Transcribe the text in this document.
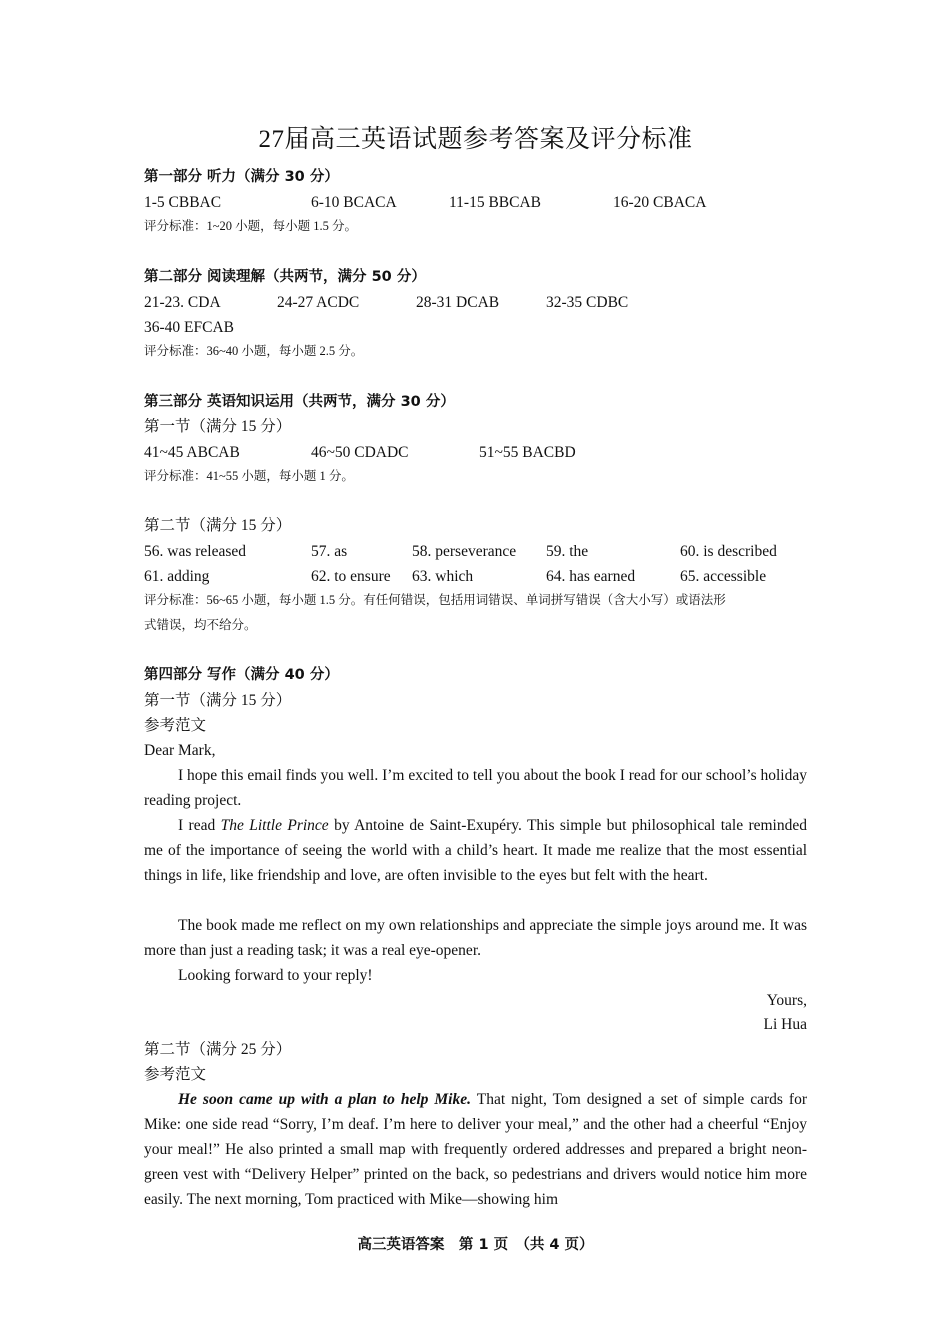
27届高三英语试题参考答案及评分标准
第一部分 听力（满分 30 分）
1-5 CBBAC	6-10 BCACA	11-15 BBCAB	16-20 CBACA
评分标准：1~20 小题，每小题 1.5 分。
第二部分 阅读理解（共两节，满分 50 分）
21-23. CDA	24-27 ACDC	28-31 DCAB	32-35 CDBC
36-40 EFCAB
评分标准：36~40 小题，每小题 2.5 分。
第三部分 英语知识运用（共两节，满分 30 分）
第一节（满分 15 分）
41~45 ABCAB	46~50 CDADC	51~55 BACBD
评分标准：41~55 小题，每小题 1 分。
第二节（满分 15 分）
56. was released	57. as	58. perseverance 59. the	60. is described
61. adding	62. to ensure 63. which	64. has earned	65. accessible
评分标准：56~65 小题，每小题 1.5 分。有任何错误，包括用词错误、单词拼写错误（含大小写）或语法形
式错误，均不给分。
第四部分 写作（满分 40 分）
第一节（满分 15 分）
参考范文
Dear Mark,
I hope this email finds you well. I’m excited to tell you about the book I read for our school’s holiday reading project.
I read The Little Prince by Antoine de Saint-Exupéry. This simple but philosophical tale reminded me of the importance of seeing the world with a child’s heart. It made me realize that the most essential things in life, like friendship and love, are often invisible to the eyes but felt with the heart.
The book made me reflect on my own relationships and appreciate the simple joys around me. It was more than just a reading task; it was a real eye-opener.
Looking forward to your reply!
Yours,
Li Hua
第二节（满分 25 分）
参考范文
He soon came up with a plan to help Mike. That night, Tom designed a set of simple cards for Mike: one side read “Sorry, I’m deaf. I’m here to deliver your meal,” and the other had a cheerful “Enjoy your meal!” He also printed a small map with frequently ordered addresses and prepared a bright neon-green vest with “Delivery Helper” printed on the back, so pedestrians and drivers would notice him more easily. The next morning, Tom practiced with Mike—showing him
高三英语答案　第 1 页　（共 4 页）
